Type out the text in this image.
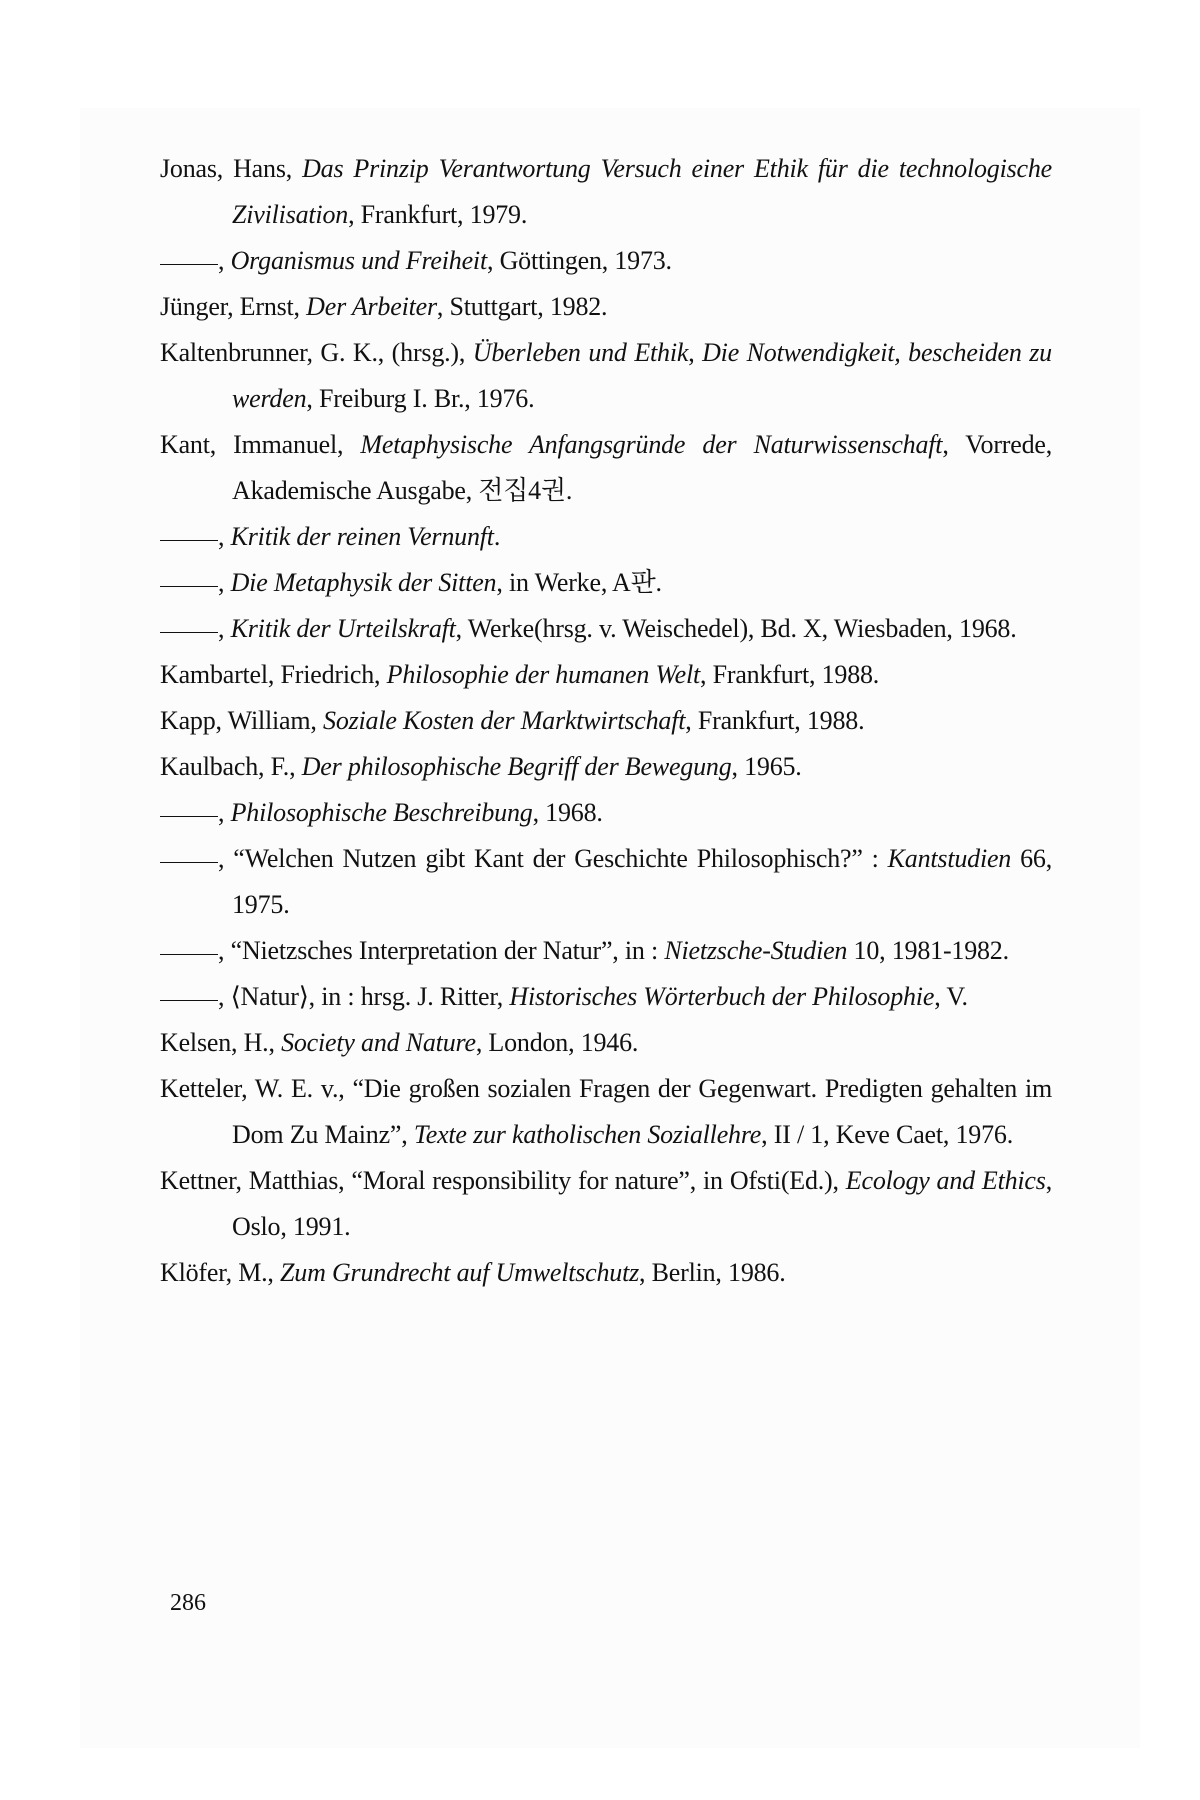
Jonas, Hans, Das Prinzip Verantwortung Versuch einer Ethik für die technologische Zivilisation, Frankfurt, 1979.

, Organismus und Freiheit, Göttingen, 1973.

Jünger, Ernst, Der Arbeiter, Stuttgart, 1982.

Kaltenbrunner, G. K., (hrsg.), Überleben und Ethik, Die Notwendigkeit, bescheiden zu werden, Freiburg I. Br., 1976.

Kant, Immanuel, Metaphysische Anfangsgründe der Naturwissenschaft, Vorrede, Akademische Ausgabe, 전집4권.

, Kritik der reinen Vernunft.

, Die Metaphysik der Sitten, in Werke, A판.

, Kritik der Urteilskraft, Werke(hrsg. v. Weischedel), Bd. X, Wiesbaden, 1968.

Kambartel, Friedrich, Philosophie der humanen Welt, Frankfurt, 1988.

Kapp, William, Soziale Kosten der Marktwirtschaft, Frankfurt, 1988.

Kaulbach, F., Der philosophische Begriff der Bewegung, 1965.

, Philosophische Beschreibung, 1968.

, “Welchen Nutzen gibt Kant der Geschichte Philosophisch?” : Kantstudien 66, 1975.

, “Nietzsches Interpretation der Natur”, in : Nietzsche-Studien 10, 1981-1982.

, ⟨Natur⟩, in : hrsg. J. Ritter, Historisches Wörterbuch der Philosophie, V.

Kelsen, H., Society and Nature, London, 1946.

Ketteler, W. E. v., “Die großen sozialen Fragen der Gegenwart. Predigten gehalten im Dom Zu Mainz”, Texte zur katholischen Soziallehre, II / 1, Keve Caet, 1976.

Kettner, Matthias, “Moral responsibility for nature”, in Ofsti(Ed.), Ecology and Ethics, Oslo, 1991.

Klöfer, M., Zum Grundrecht auf Umweltschutz, Berlin, 1986.

286
